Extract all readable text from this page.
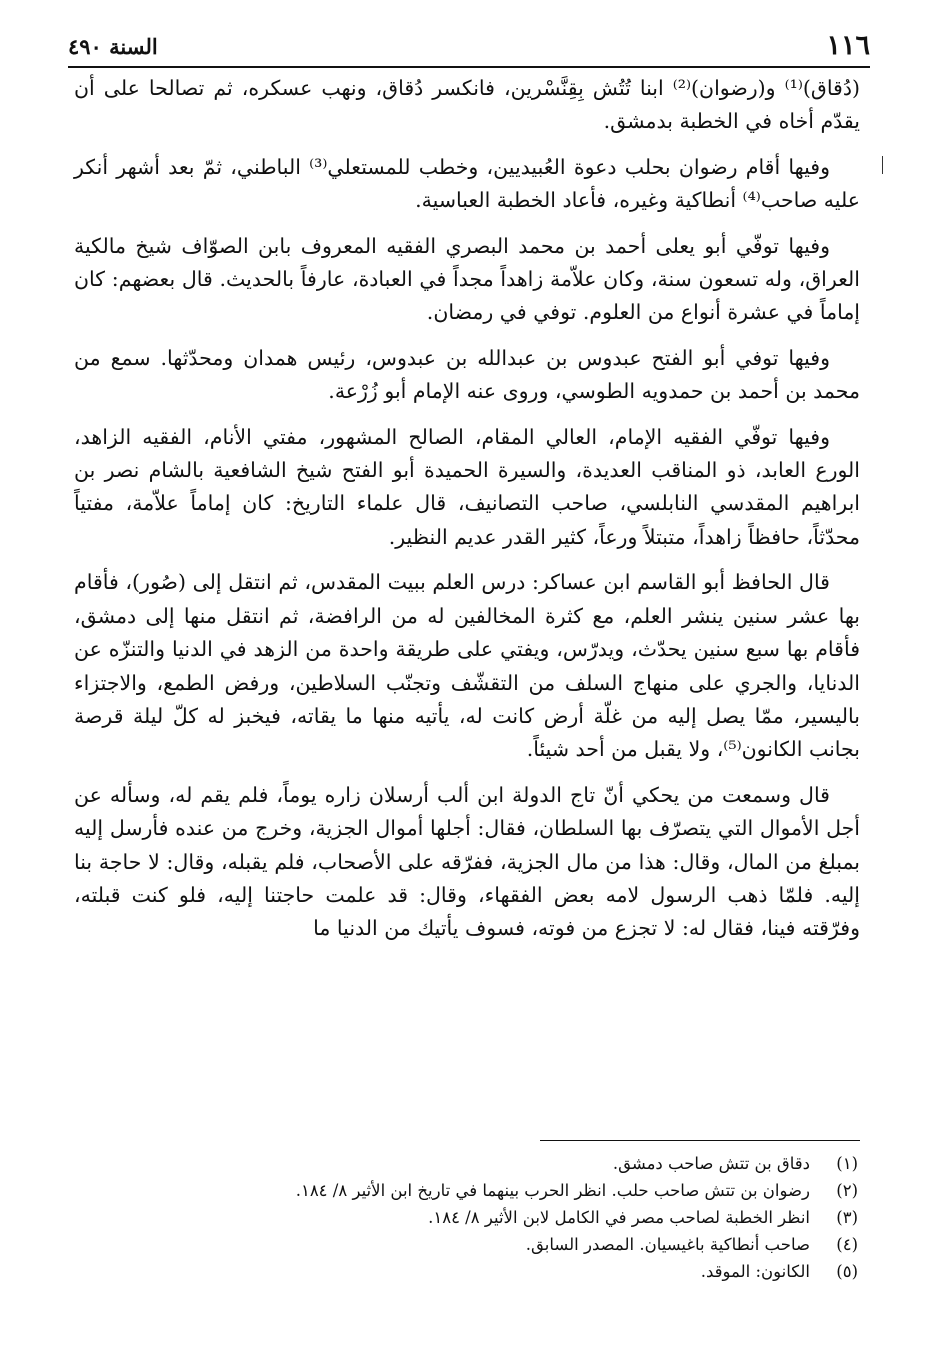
١١٦
السنة ٤٩٠

(دُقاق)⁽¹⁾ و(رضوان)⁽²⁾ ابنا تُتُش بِقِنَّسْرين، فانكسر دُقاق، ونهب عسكره، ثم تصالحا على أن يقدّم أخاه في الخطبة بدمشق.

وفيها أقام رضوان بحلب دعوة العُبيديين، وخطب للمستعلي⁽³⁾ الباطني، ثمّ بعد أشهر أنكر عليه صاحب⁽⁴⁾ أنطاكية وغيره، فأعاد الخطبة العباسية.

وفيها توفّي أبو يعلى أحمد بن محمد البصري الفقيه المعروف بابن الصوّاف شيخ مالكية العراق، وله تسعون سنة، وكان علاّمة زاهداً مجداً في العبادة، عارفاً بالحديث. قال بعضهم: كان إماماً في عشرة أنواع من العلوم. توفي في رمضان.

وفيها توفي أبو الفتح عبدوس بن عبدالله بن عبدوس، رئيس همدان ومحدّثها. سمع من محمد بن أحمد بن حمدويه الطوسي، وروى عنه الإمام أبو زُرْعة.

وفيها توفّي الفقيه الإمام، العالي المقام، الصالح المشهور، مفتي الأنام، الفقيه الزاهد، الورع العابد، ذو المناقب العديدة، والسيرة الحميدة أبو الفتح شيخ الشافعية بالشام نصر بن ابراهيم المقدسي النابلسي، صاحب التصانيف، قال علماء التاريخ: كان إماماً علاّمة، مفتياً محدّثاً، حافظاً زاهداً، متبتلاً ورعاً، كثير القدر عديم النظير.

قال الحافظ أبو القاسم ابن عساكر: درس العلم ببيت المقدس، ثم انتقل إلى (صُور)، فأقام بها عشر سنين ينشر العلم، مع كثرة المخالفين له من الرافضة، ثم انتقل منها إلى دمشق، فأقام بها سبع سنين يحدّث، ويدرّس، ويفتي على طريقة واحدة من الزهد في الدنيا والتنزّه عن الدنايا، والجري على منهاج السلف من التقشّف وتجنّب السلاطين، ورفض الطمع، والاجتزاء باليسير، ممّا يصل إليه من غلّة أرض كانت له، يأتيه منها ما يقاته، فيخبز له كلّ ليلة قرصة بجانب الكانون⁽⁵⁾، ولا يقبل من أحد شيئاً.

قال وسمعت من يحكي أنّ تاج الدولة ابن ألب أرسلان زاره يوماً، فلم يقم له، وسأله عن أجل الأموال التي يتصرّف بها السلطان، فقال: أجلها أموال الجزية، وخرج من عنده فأرسل إليه بمبلغ من المال، وقال: هذا من مال الجزية، ففرّقه على الأصحاب، فلم يقبله، وقال: لا حاجة بنا إليه. فلمّا ذهب الرسول لامه بعض الفقهاء، وقال: قد علمت حاجتنا إليه، فلو كنت قبلته، وفرّقته فينا، فقال له: لا تجزع من فوته، فسوف يأتيك من الدنيا ما

(١)
دقاق بن تتش صاحب دمشق.
(٢)
رضوان بن تتش صاحب حلب. انظر الحرب بينهما في تاريخ ابن الأثير ٨/ ١٨٤.
(٣)
انظر الخطبة لصاحب مصر في الكامل لابن الأثير ٨/ ١٨٤.
(٤)
صاحب أنطاكية باغيسيان. المصدر السابق.
(٥)
الكانون: الموقد.
